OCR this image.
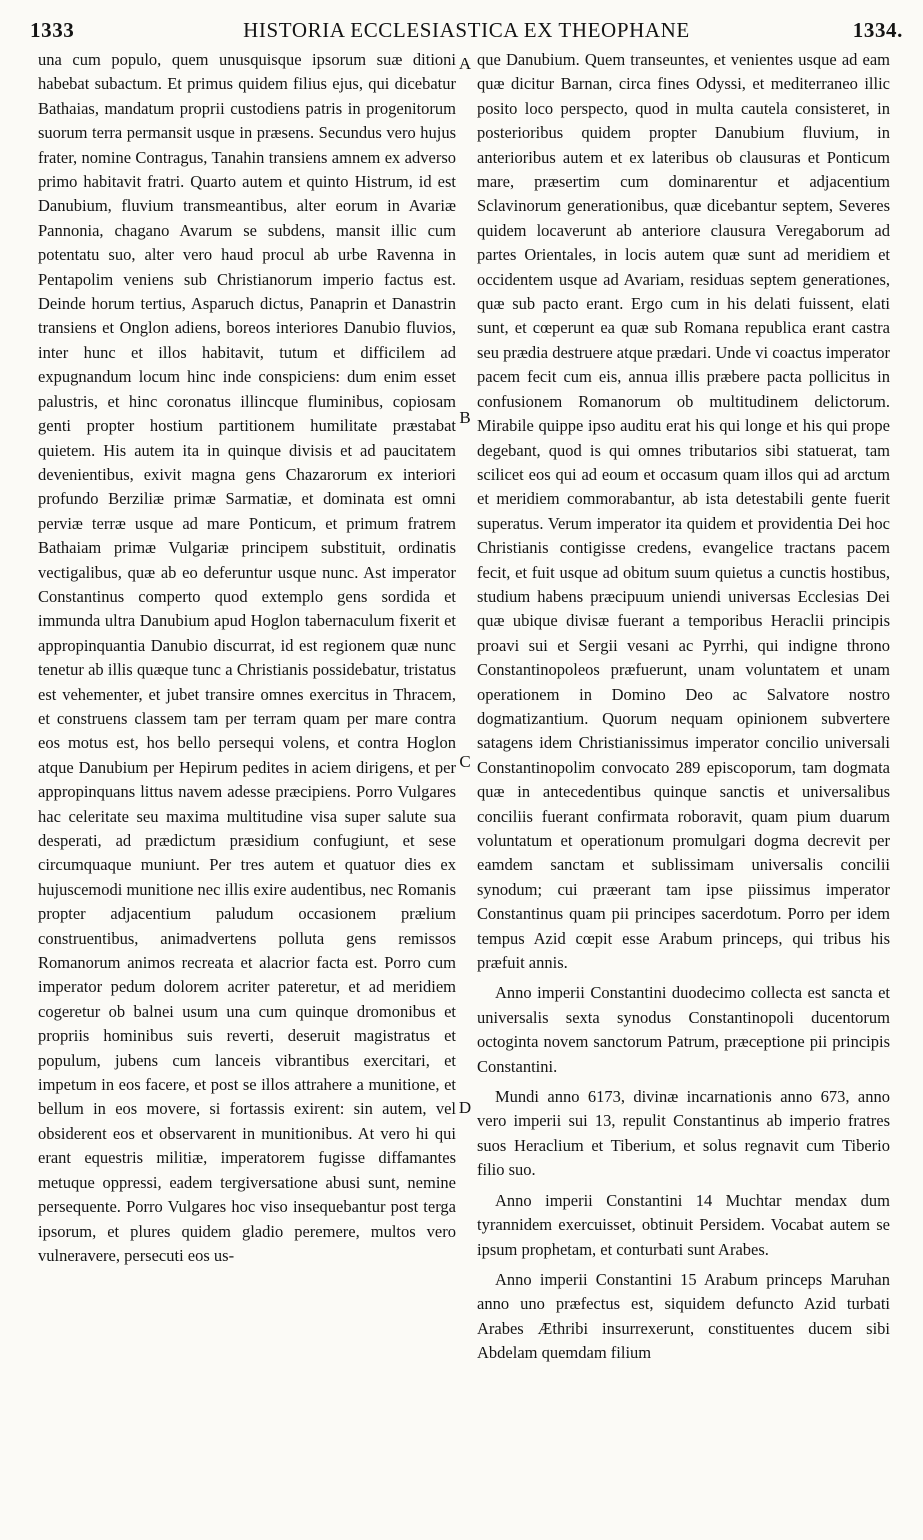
1333	HISTORIA ECCLESIASTICA EX THEOPHANE	1334.

una cum populo, quem unusquisque ipsorum suæ ditioni habebat subactum. Et primus quidem filius ejus, qui dicebatur Bathaias, mandatum proprii custodiens patris in progenitorum suorum terra permansit usque in præsens. Secundus vero hujus frater, nomine Contragus, Tanahin transiens amnem ex adverso primo habitavit fratri. Quarto autem et quinto Histrum, id est Danubium, fluvium transmeantibus, alter eorum in Avariæ Pannonia, chagano Avarum se subdens, mansit illic cum potentatu suo, alter vero haud procul ab urbe Ravenna in Pentapolim veniens sub Christianorum imperio factus est. Deinde horum tertius, Asparuch dictus, Panaprin et Danastrin transiens et Onglon adiens, boreos interiores Danubio fluvios, inter hunc et illos habitavit, tutum et difficilem ad expugnandum locum hinc inde conspiciens: dum enim esset palustris, et hinc coronatus illincque fluminibus, copiosam genti propter hostium partitionem humilitate præstabat quietem. His autem ita in quinque divisis et ad paucitatem devenientibus, exivit magna gens Chazarorum ex interiori profundo Berziliæ primæ Sarmatiæ, et dominata est omni perviæ terræ usque ad mare Ponticum, et primum fratrem Bathaiam primæ Vulgariæ principem substituit, ordinatis vectigalibus, quæ ab eo deferuntur usque nunc. Ast imperator Constantinus comperto quod extemplo gens sordida et immunda ultra Danubium apud Hoglon tabernaculum fixerit et appropinquantia Danubio discurrat, id est regionem quæ nunc tenetur ab illis quæque tunc a Christianis possidebatur, tristatus est vehementer, et jubet transire omnes exercitus in Thracem, et construens classem tam per terram quam per mare contra eos motus est, hos bello persequi volens, et contra Hoglon atque Danubium per Hepirum pedites in aciem dirigens, et per appropinquans littus navem adesse præcipiens. Porro Vulgares hac celeritate seu maxima multitudine visa super salute sua desperati, ad prædictum præsidium confugiunt, et sese circumquaque muniunt. Per tres autem et quatuor dies ex hujuscemodi munitione nec illis exire audentibus, nec Romanis propter adjacentium paludum occasionem prælium construentibus, animadvertens polluta gens remissos Romanorum animos recreata et alacrior facta est. Porro cum imperator pedum dolorem acriter pateretur, et ad meridiem cogeretur ob balnei usum una cum quinque dromonibus et propriis hominibus suis reverti, deseruit magistratus et populum, jubens cum lanceis vibrantibus exercitari, et impetum in eos facere, et post se illos attrahere a munitione, et bellum in eos movere, si fortassis exirent: sin autem, vel obsiderent eos et observarent in munitionibus. At vero hi qui erant equestris militiæ, imperatorem fugisse diffamantes metuque oppressi, eadem tergiversatione abusi sunt, nemine persequente. Porro Vulgares hoc viso insequebantur post terga ipsorum, et plures quidem gladio peremere, multos vero vulneravere, persecuti eos us-

A
B
C
D

que Danubium. Quem transeuntes, et venientes usque ad eam quæ dicitur Barnan, circa fines Odyssi, et mediterraneo illic posito loco perspecto, quod in multa cautela consisteret, in posterioribus quidem propter Danubium fluvium, in anterioribus autem et ex lateribus ob clausuras et Ponticum mare, præsertim cum dominarentur et adjacentium Sclavinorum generationibus, quæ dicebantur septem, Severes quidem locaverunt ab anteriore clausura Veregaborum ad partes Orientales, in locis autem quæ sunt ad meridiem et occidentem usque ad Avariam, residuas septem generationes, quæ sub pacto erant. Ergo cum in his delati fuissent, elati sunt, et cœperunt ea quæ sub Romana republica erant castra seu prædia destruere atque prædari. Unde vi coactus imperator pacem fecit cum eis, annua illis præbere pacta pollicitus in confusionem Romanorum ob multitudinem delictorum. Mirabile quippe ipso auditu erat his qui longe et his qui prope degebant, quod is qui omnes tributarios sibi statuerat, tam scilicet eos qui ad eoum et occasum quam illos qui ad arctum et meridiem commorabantur, ab ista detestabili gente fuerit superatus. Verum imperator ita quidem et providentia Dei hoc Christianis contigisse credens, evangelice tractans pacem fecit, et fuit usque ad obitum suum quietus a cunctis hostibus, studium habens præcipuum uniendi universas Ecclesias Dei quæ ubique divisæ fuerant a temporibus Heraclii principis proavi sui et Sergii vesani ac Pyrrhi, qui indigne throno Constantinopoleos præfuerunt, unam voluntatem et unam operationem in Domino Deo ac Salvatore nostro dogmatizantium. Quorum nequam opinionem subvertere satagens idem Christianissimus imperator concilio universali Constantinopolim convocato 289 episcoporum, tam dogmata quæ in antecedentibus quinque sanctis et universalibus conciliis fuerant confirmata roboravit, quam pium duarum voluntatum et operationum promulgari dogma decrevit per eamdem sanctam et sublissimam universalis concilii synodum; cui præerant tam ipse piissimus imperator Constantinus quam pii principes sacerdotum. Porro per idem tempus Azid cœpit esse Arabum princeps, qui tribus his præfuit annis.

Anno imperii Constantini duodecimo collecta est sancta et universalis sexta synodus Constantinopoli ducentorum octoginta novem sanctorum Patrum, præceptione pii principis Constantini.

Mundi anno 6173, divinæ incarnationis anno 673, anno vero imperii sui 13, repulit Constantinus ab imperio fratres suos Heraclium et Tiberium, et solus regnavit cum Tiberio filio suo.

Anno imperii Constantini 14 Muchtar mendax dum tyrannidem exercuisset, obtinuit Persidem. Vocabat autem se ipsum prophetam, et conturbati sunt Arabes.

Anno imperii Constantini 15 Arabum princeps Maruhan anno uno præfectus est, siquidem defuncto Azid turbati Arabes Æthribi insurrexerunt, constituentes ducem sibi Abdelam quemdam filium
